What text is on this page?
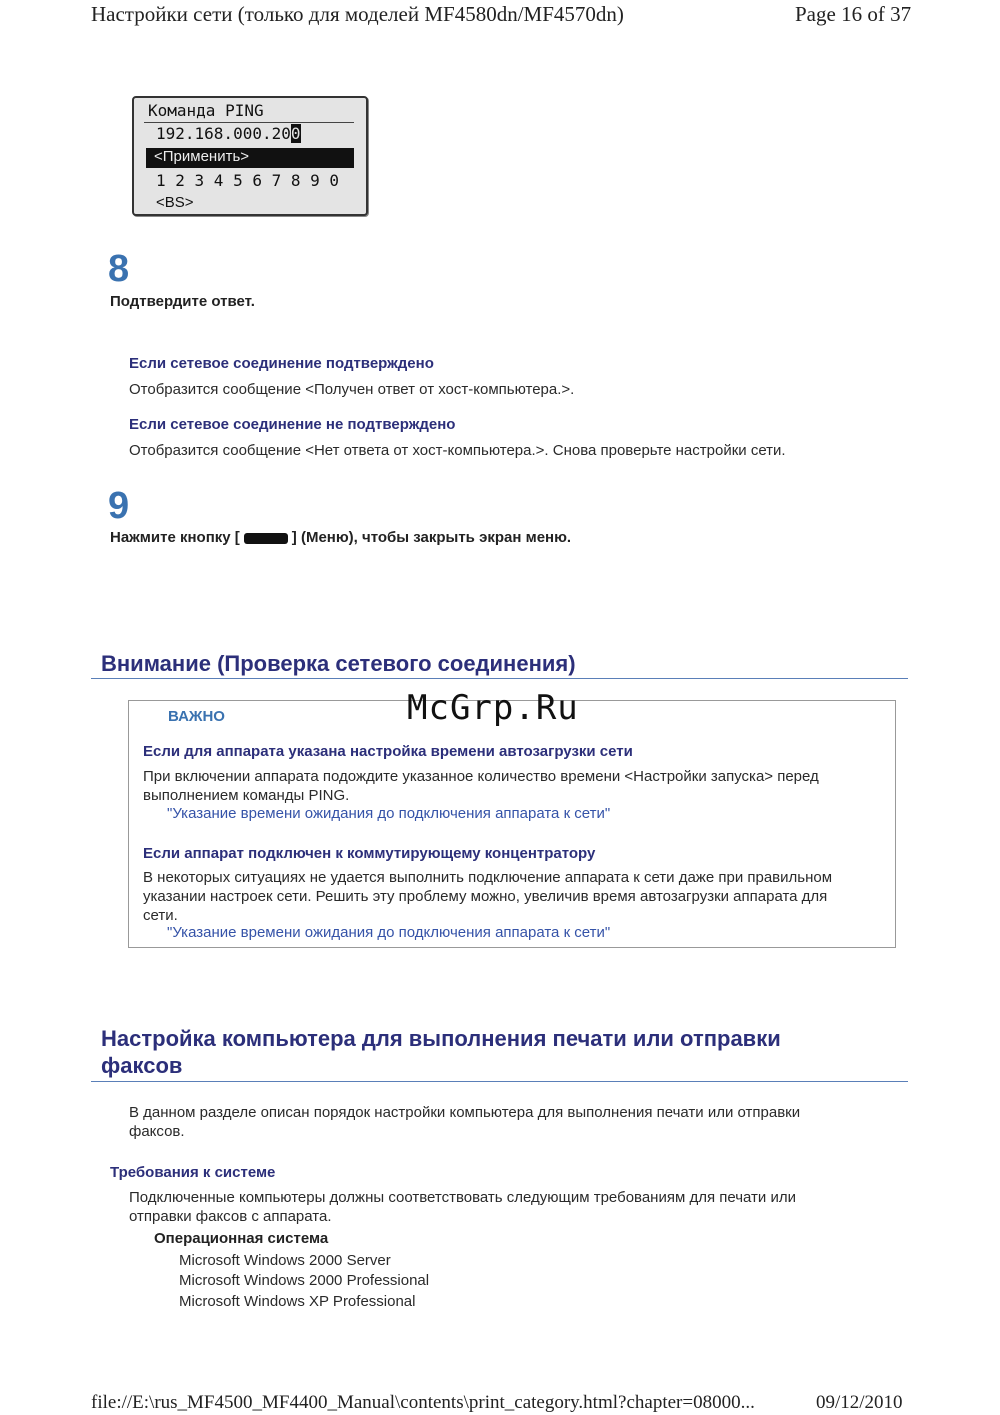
Настройки сети (только для моделей MF4580dn/MF4570dn)	Page 16 of 37
Команда PING
192.168.000.200
<Применить>
1 2 3 4 5 6 7 8 9 0
<BS>
8
Подтвердите ответ.
Если сетевое соединение подтверждено
Отобразится сообщение <Получен ответ от хост-компьютера.>.
Если сетевое соединение не подтверждено
Отобразится сообщение <Нет ответа от хост-компьютера.>. Снова проверьте настройки сети.
9
Нажмите кнопку [	] (Меню), чтобы закрыть экран меню.
Внимание (Проверка сетевого соединения)
ВАЖНО	McGrp.Ru
Если для аппарата указана настройка времени автозагрузки сети
При включении аппарата подождите указанное количество времени <Настройки запуска> перед
выполнением команды PING.
"Указание времени ожидания до подключения аппарата к сети"
Если аппарат подключен к коммутирующему концентратору
В некоторых ситуациях не удается выполнить подключение аппарата к сети даже при правильном
указании настроек сети. Решить эту проблему можно, увеличив время автозагрузки аппарата для
сети.
"Указание времени ожидания до подключения аппарата к сети"
Настройка компьютера для выполнения печати или отправки
факсов
В данном разделе описан порядок настройки компьютера для выполнения печати или отправки
факсов.
Требования к системе
Подключенные компьютеры должны соответствовать следующим требованиям для печати или
отправки факсов с аппарата.
Операционная система
Microsoft Windows 2000 Server
Microsoft Windows 2000 Professional
Microsoft Windows XP Professional
file://E:\rus_MF4500_MF4400_Manual\contents\print_category.html?chapter=08000...	09/12/2010
